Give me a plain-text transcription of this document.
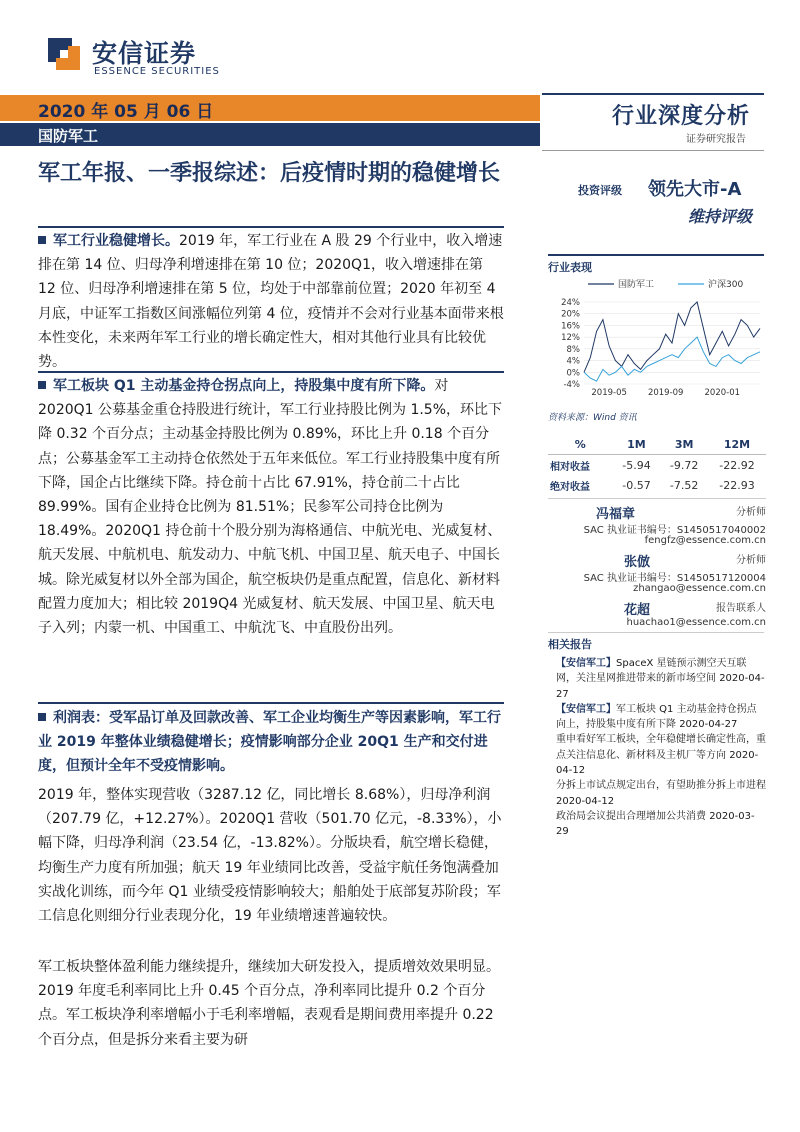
安信证券
ESSENCE SECURITIES
2020 年 05 月 06 日
国防军工
行业深度分析
证券研究报告
军工年报、一季报综述：后疫情时期的稳健增长
投资评级 领先大市-A
维持评级
军工行业稳健增长。2019 年，军工行业在 A 股 29 个行业中，收入增速排在第 14 位、归母净利增速排在第 10 位；2020Q1，收入增速排在第 12 位、归母净利增速排在第 5 位，均处于中部靠前位置；2020 年初至 4 月底，中证军工指数区间涨幅位列第 4 位，疫情并不会对行业基本面带来根本性变化，未来两年军工行业的增长确定性大，相对其他行业具有比较优势。
军工板块 Q1 主动基金持仓拐点向上，持股集中度有所下降。对 2020Q1 公募基金重仓持股进行统计，军工行业持股比例为 1.5%，环比下降 0.32 个百分点；主动基金持股比例为 0.89%，环比上升 0.18 个百分点；公募基金军工主动持仓依然处于五年来低位。军工行业持股集中度有所下降，国企占比继续下降。持仓前十占比 67.91%，持仓前二十占比 89.99%。国有企业持仓比例为 81.51%；民参军公司持仓比例为 18.49%。2020Q1 持仓前十个股分别为海格通信、中航光电、光威复材、航天发展、中航机电、航发动力、中航飞机、中国卫星、航天电子、中国长城。除光威复材以外全部为国企，航空板块仍是重点配置，信息化、新材料配置力度加大；相比较 2019Q4 光威复材、航天发展、中国卫星、航天电子入列；内蒙一机、中国重工、中航沈飞、中直股份出列。
利润表：受军品订单及回款改善、军工企业均衡生产等因素影响，军工行业 2019 年整体业绩稳健增长；疫情影响部分企业 20Q1 生产和交付进度，但预计全年不受疫情影响。
2019 年，整体实现营收（3287.12 亿，同比增长 8.68%），归母净利润（207.79 亿，+12.27%）。2020Q1 营收（501.70 亿元，-8.33%），小幅下降，归母净利润（23.54 亿，-13.82%）。分版块看，航空增长稳健，均衡生产力度有所加强；航天 19 年业绩同比改善，受益宇航任务饱满叠加实战化训练，而今年 Q1 业绩受疫情影响较大；船舶处于底部复苏阶段；军工信息化则细分行业表现分化，19 年业绩增速普遍较快。
军工板块整体盈利能力继续提升，继续加大研发投入，提质增效效果明显。2019 年度毛利率同比上升 0.45 个百分点，净利率同比提升 0.2 个百分点。军工板块净利率增幅小于毛利率增幅，表观看是期间费用率提升 0.22 个百分点，但是拆分来看主要为研
行业表现
国防军工	沪深300
24%
20%
16%
12%
8%
4%
0%
-4%
2019-05 2019-09 2020-01
资料来源：Wind 资讯
%	1M	3M	12M
相对收益	-5.94	-9.72	-22.92
绝对收益	-0.57	-7.52	-22.93
冯福章	分析师
SAC 执业证书编号：S1450517040002
fengfz@essence.com.cn
张倣	分析师
SAC 执业证书编号：S1450517120004
zhangao@essence.com.cn
花超	报告联系人
huachao1@essence.com.cn
相关报告

【安信军工】SpaceX 星链预示测空天互联网，关注星网推进带来的新市场空间 2020-04-27

【安信军工】军工板块 Q1 主动基金持仓拐点向上，持股集中度有所下降 2020-04-27

重申看好军工板块，全年稳健增长确定性高，重点关注信息化、新材料及主机厂等方向 2020-04-12

分拆上市试点规定出台，有望助推分拆上市进程 2020-04-12

政治局会议提出合理增加公共消费 2020-03-29
